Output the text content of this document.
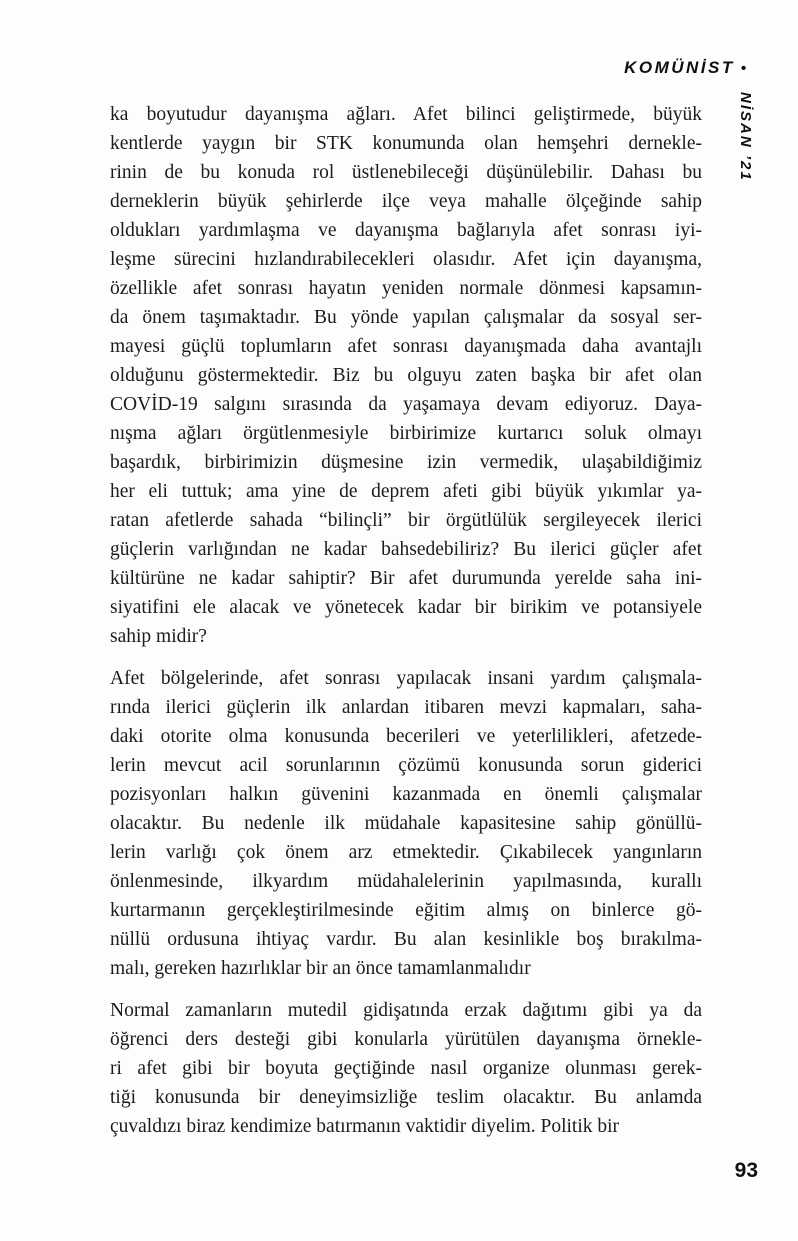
KOMÜNİST •
NİSAN ’21
ka boyutudur dayanışma ağları. Afet bilinci geliştirmede, büyük
kentlerde yaygın bir STK konumunda olan hemşehri dernekle-
rinin de bu konuda rol üstlenebileceği düşünülebilir. Dahası bu
derneklerin büyük şehirlerde ilçe veya mahalle ölçeğinde sahip
oldukları yardımlaşma ve dayanışma bağlarıyla afet sonrası iyi-
leşme sürecini hızlandırabilecekleri olasıdır. Afet için dayanışma,
özellikle afet sonrası hayatın yeniden normale dönmesi kapsamın-
da önem taşımaktadır. Bu yönde yapılan çalışmalar da sosyal ser-
mayesi güçlü toplumların afet sonrası dayanışmada daha avantajlı
olduğunu göstermektedir. Biz bu olguyu zaten başka bir afet olan
COVİD-19 salgını sırasında da yaşamaya devam ediyoruz. Daya-
nışma ağları örgütlenmesiyle birbirimize kurtarıcı soluk olmayı
başardık, birbirimizin düşmesine izin vermedik, ulaşabildiğimiz
her eli tuttuk; ama yine de deprem afeti gibi büyük yıkımlar ya-
ratan afetlerde sahada “bilinçli” bir örgütlülük sergileyecek ilerici
güçlerin varlığından ne kadar bahsedebiliriz? Bu ilerici güçler afet
kültürüne ne kadar sahiptir? Bir afet durumunda yerelde saha ini-
siyatifini ele alacak ve yönetecek kadar bir birikim ve potansiyele
sahip midir?
Afet bölgelerinde, afet sonrası yapılacak insani yardım çalışmala-
rında ilerici güçlerin ilk anlardan itibaren mevzi kapmaları, saha-
daki otorite olma konusunda becerileri ve yeterlilikleri, afetzede-
lerin mevcut acil sorunlarının çözümü konusunda sorun giderici
pozisyonları halkın güvenini kazanmada en önemli çalışmalar
olacaktır. Bu nedenle ilk müdahale kapasitesine sahip gönüllü-
lerin varlığı çok önem arz etmektedir. Çıkabilecek yangınların
önlenmesinde, ilkyardım müdahalelerinin yapılmasında, kurallı
kurtarmanın gerçekleştirilmesinde eğitim almış on binlerce gö-
nüllü ordusuna ihtiyaç vardır. Bu alan kesinlikle boş bırakılma-
malı, gereken hazırlıklar bir an önce tamamlanmalıdır
Normal zamanların mutedil gidişatında erzak dağıtımı gibi ya da
öğrenci ders desteği gibi konularla yürütülen dayanışma örnekle-
ri afet gibi bir boyuta geçtiğinde nasıl organize olunması gerek-
tiği konusunda bir deneyimsizliğe teslim olacaktır. Bu anlamda
çuvaldızı biraz kendimize batırmanın vaktidir diyelim. Politik bir
93
